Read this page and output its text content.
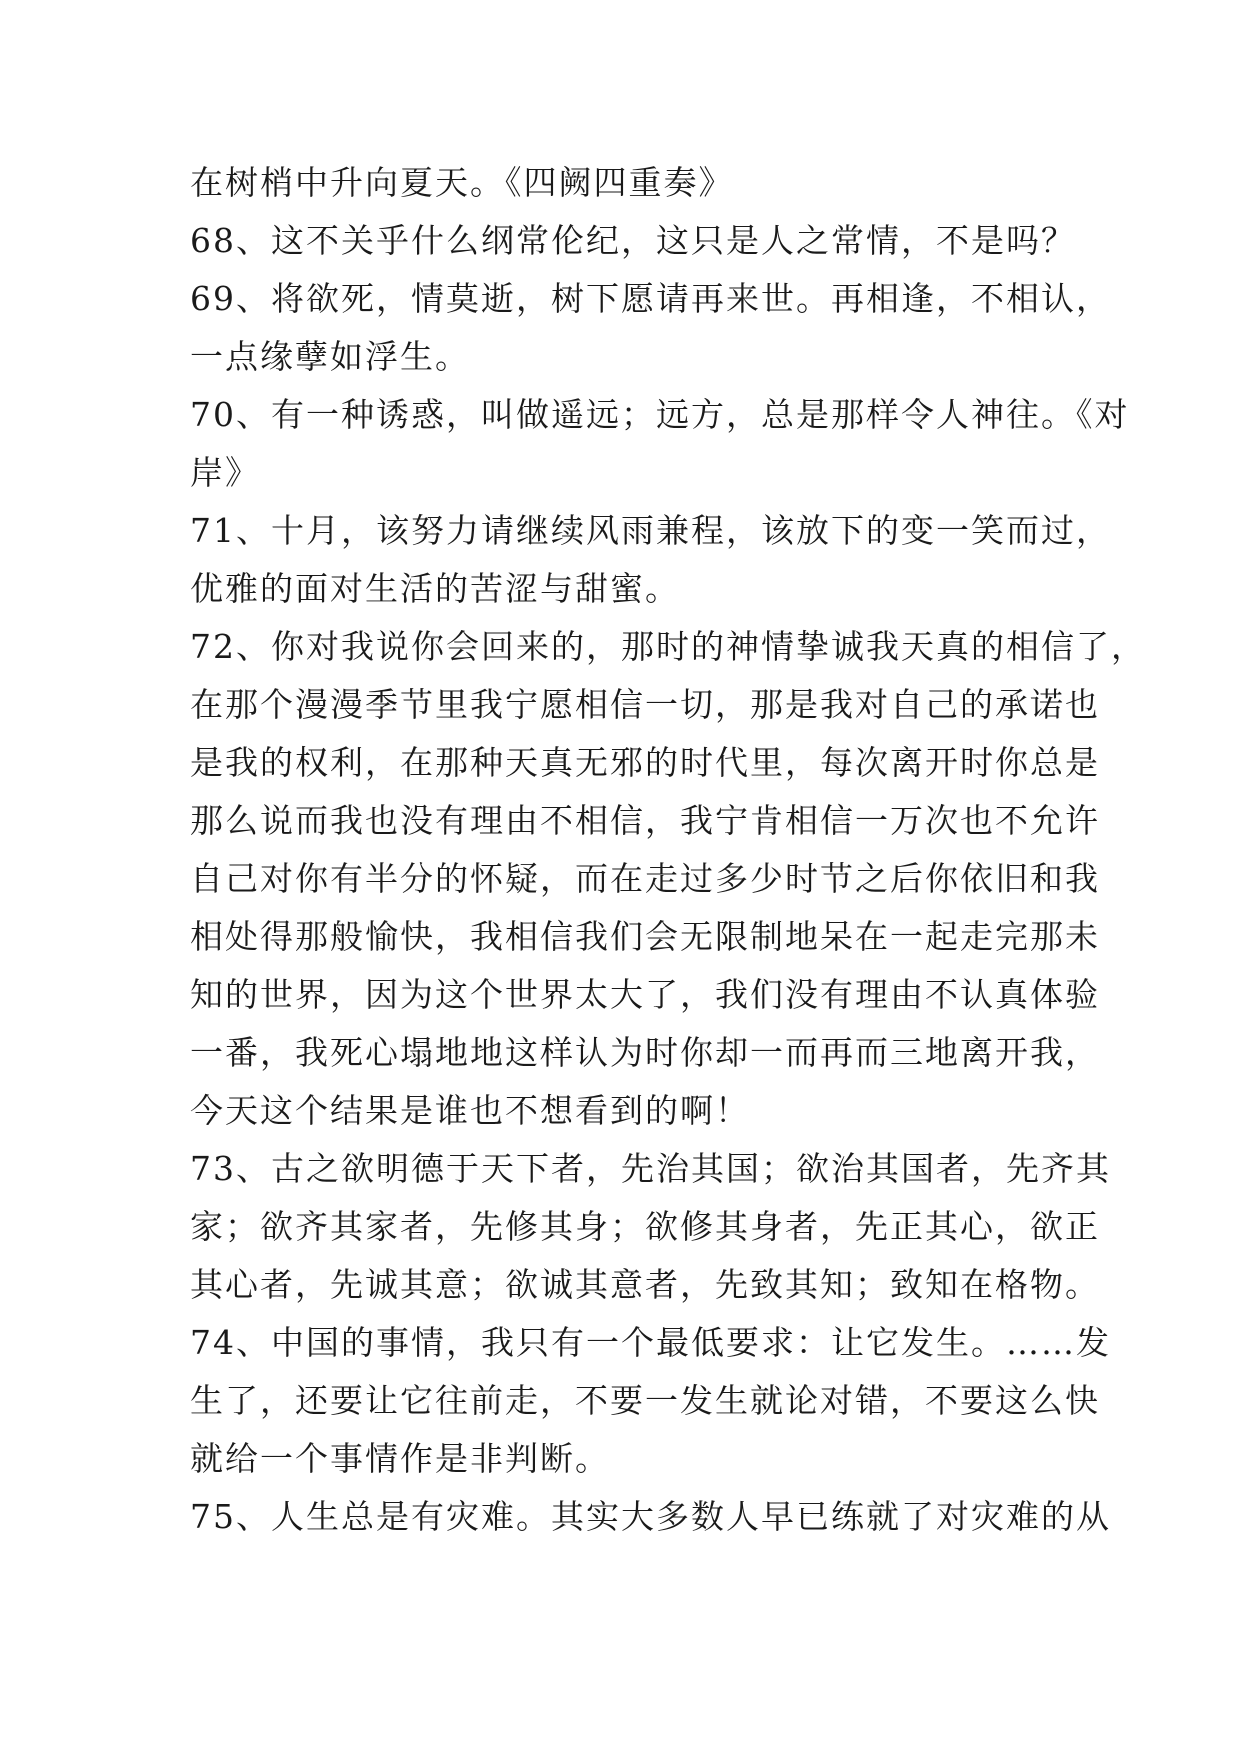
在树梢中升向夏天。《四阙四重奏》
68、这不关乎什么纲常伦纪，这只是人之常情，不是吗？
69、将欲死，情莫逝，树下愿请再来世。再相逢，不相认，
一点缘孽如浮生。
70、有一种诱惑，叫做遥远；远方，总是那样令人神往。《对
岸》
71、十月，该努力请继续风雨兼程，该放下的变一笑而过，
优雅的面对生活的苦涩与甜蜜。
72、你对我说你会回来的，那时的神情挚诚我天真的相信了，
在那个漫漫季节里我宁愿相信一切，那是我对自己的承诺也
是我的权利，在那种天真无邪的时代里，每次离开时你总是
那么说而我也没有理由不相信，我宁肯相信一万次也不允许
自己对你有半分的怀疑，而在走过多少时节之后你依旧和我
相处得那般愉快，我相信我们会无限制地呆在一起走完那未
知的世界，因为这个世界太大了，我们没有理由不认真体验
一番，我死心塌地地这样认为时你却一而再而三地离开我，
今天这个结果是谁也不想看到的啊！
73、古之欲明德于天下者，先治其国；欲治其国者，先齐其
家；欲齐其家者，先修其身；欲修其身者，先正其心，欲正
其心者，先诚其意；欲诚其意者，先致其知；致知在格物。
74、中国的事情，我只有一个最低要求：让它发生。……发
生了，还要让它往前走，不要一发生就论对错，不要这么快
就给一个事情作是非判断。
75、人生总是有灾难。其实大多数人早已练就了对灾难的从
